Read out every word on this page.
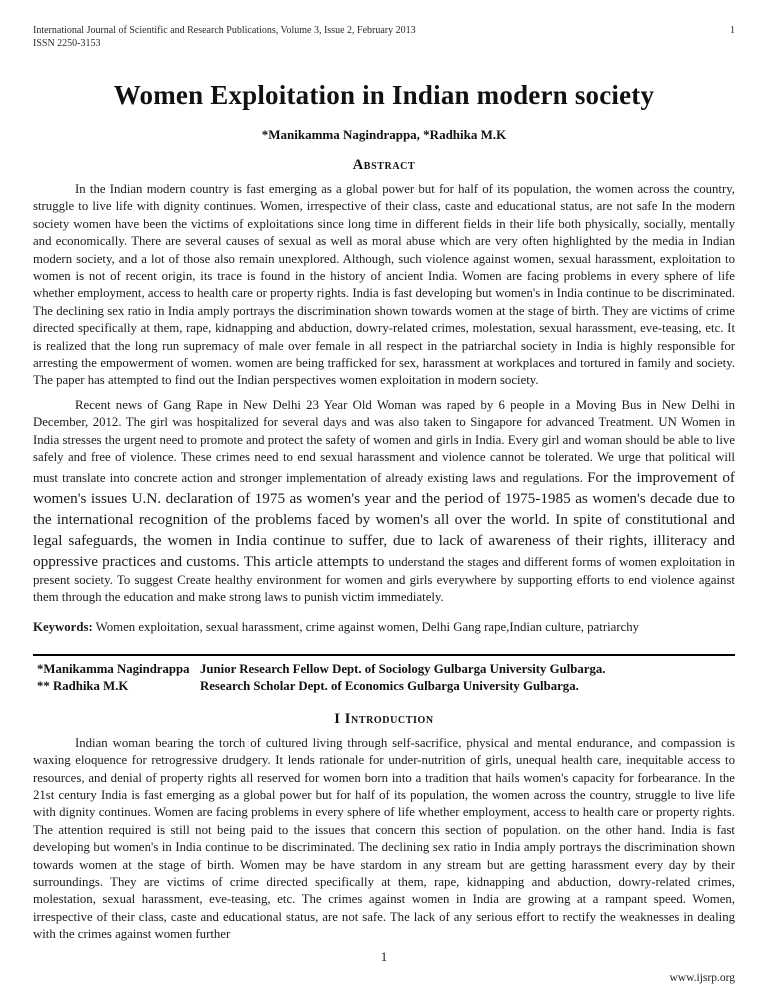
International Journal of Scientific and Research Publications, Volume 3, Issue 2, February 2013	1
ISSN 2250-3153
Women Exploitation in Indian modern society
*Manikamma Nagindrappa, *Radhika M.K
Abstract

In the Indian modern country is fast emerging as a global power but for half of its population, the women across the country, struggle to live life with dignity continues. Women, irrespective of their class, caste and educational status, are not safe In the modern society women have been the victims of exploitations since long time in different fields in their life both physically, socially, mentally and economically. There are several causes of sexual as well as moral abuse which are very often highlighted by the media in Indian modern society, and a lot of those also remain unexplored. Although, such violence against women, sexual harassment, exploitation to women is not of recent origin, its trace is found in the history of ancient India. Women are facing problems in every sphere of life whether employment, access to health care or property rights. India is fast developing but women's in India continue to be discriminated. The declining sex ratio in India amply portrays the discrimination shown towards women at the stage of birth. They are victims of crime directed specifically at them, rape, kidnapping and abduction, dowry-related crimes, molestation, sexual harassment, eve-teasing, etc. It is realized that the long run supremacy of male over female in all respect in the patriarchal society in India is highly responsible for arresting the empowerment of women. women are being trafficked for sex, harassment at workplaces and tortured in family and society. The paper has attempted to find out the Indian perspectives women exploitation in modern society.

Recent news of Gang Rape in New Delhi 23 Year Old Woman was raped by 6 people in a Moving Bus in New Delhi in December, 2012. The girl was hospitalized for several days and was also taken to Singapore for advanced Treatment. UN Women in India stresses the urgent need to promote and protect the safety of women and girls in India. Every girl and woman should be able to live safely and free of violence. These crimes need to end sexual harassment and violence cannot be tolerated. We urge that political will must translate into concrete action and stronger implementation of already existing laws and regulations. For the improvement of women's issues U.N. declaration of 1975 as women's year and the period of 1975-1985 as women's decade due to the international recognition of the problems faced by women's all over the world. In spite of constitutional and legal safeguards, the women in India continue to suffer, due to lack of awareness of their rights, illiteracy and oppressive practices and customs. This article attempts to understand the stages and different forms of women exploitation in present society. To suggest Create healthy environment for women and girls everywhere by supporting efforts to end violence against them through the education and make strong laws to punish victim immediately.

Keywords: Women exploitation, sexual harassment, crime against women, Delhi Gang rape,Indian culture, patriarchy

*Manikamma Nagindrappa Junior Research Fellow Dept. of Sociology Gulbarga University Gulbarga.
** Radhika M.K	Research Scholar Dept. of Economics Gulbarga University Gulbarga.
I Introduction

Indian woman bearing the torch of cultured living through self-sacrifice, physical and mental endurance, and compassion is waxing eloquence for retrogressive drudgery. It lends rationale for under-nutrition of girls, unequal health care, inequitable access to resources, and denial of property rights all reserved for women born into a tradition that hails women's capacity for forbearance. In the 21st century India is fast emerging as a global power but for half of its population, the women across the country, struggle to live life with dignity continues. Women are facing problems in every sphere of life whether employment, access to health care or property rights. The attention required is still not being paid to the issues that concern this section of population. on the other hand. India is fast developing but women's in India continue to be discriminated. The declining sex ratio in India amply portrays the discrimination shown towards women at the stage of birth. Women may be have stardom in any stream but are getting harassment every day by their surroundings. They are victims of crime directed specifically at them, rape, kidnapping and abduction, dowry-related crimes, molestation, sexual harassment, eve-teasing, etc. The crimes against women in India are growing at a rampant speed. Women, irrespective of their class, caste and educational status, are not safe. The lack of any serious effort to rectify the weaknesses in dealing with the crimes against women further

1
www.ijsrp.org
